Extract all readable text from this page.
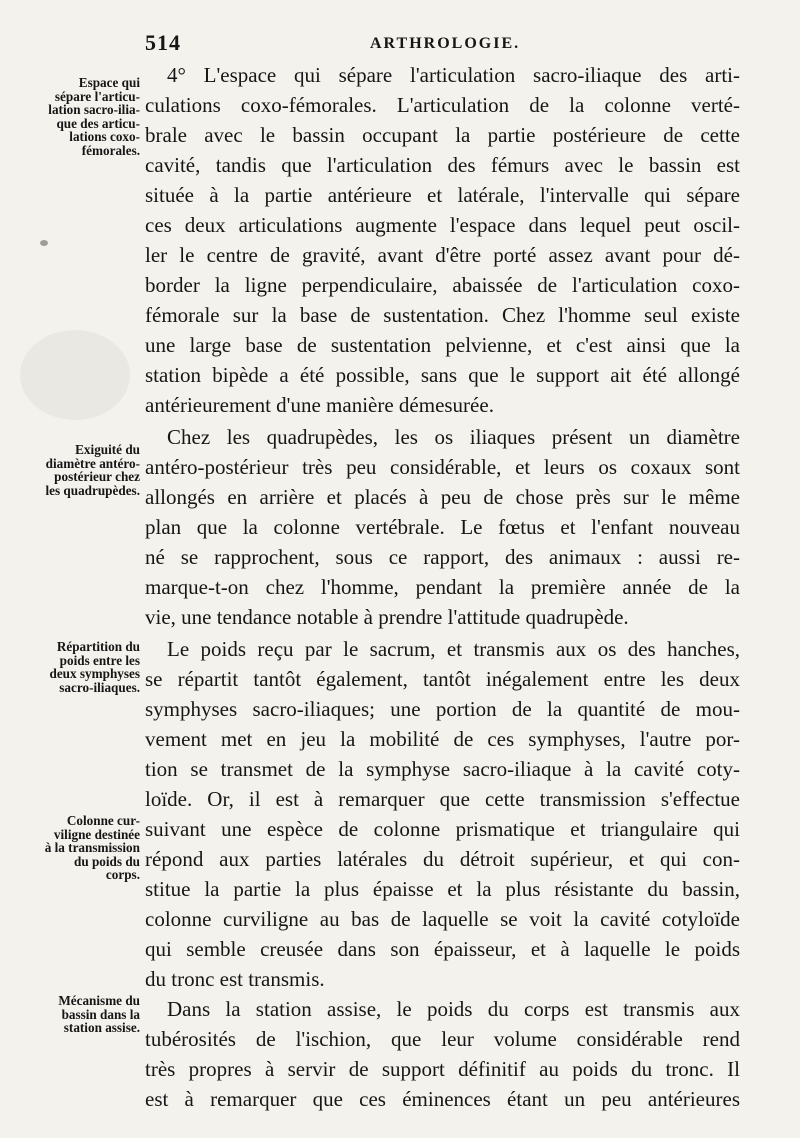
514	ARTHROLOGIE.
Espace qui
sépare l'articu-
lation sacro-ilia-
que des articu-
lations coxo-
fémorales.
Exiguité du
diamètre antéro-
postérieur chez
les quadrupèdes.
Répartition du
poids entre les
deux symphyses
sacro-iliaques.
Colonne cur-
viligne destinée
à la transmission
du poids du
corps.
Mécanisme du
bassin dans la
station assise.
4° L'espace qui sépare l'articulation sacro-iliaque des arti-
culations coxo-fémorales. L'articulation de la colonne verté-
brale avec le bassin occupant la partie postérieure de cette
cavité, tandis que l'articulation des fémurs avec le bassin est
située à la partie antérieure et latérale, l'intervalle qui sépare
ces deux articulations augmente l'espace dans lequel peut oscil-
ler le centre de gravité, avant d'être porté assez avant pour dé-
border la ligne perpendiculaire, abaissée de l'articulation coxo-
fémorale sur la base de sustentation. Chez l'homme seul existe
une large base de sustentation pelvienne, et c'est ainsi que la
station bipède a été possible, sans que le support ait été allongé
antérieurement d'une manière démesurée.
Chez les quadrupèdes, les os iliaques présent un diamètre
antéro-postérieur très peu considérable, et leurs os coxaux sont
allongés en arrière et placés à peu de chose près sur le même
plan que la colonne vertébrale. Le fœtus et l'enfant nouveau
né se rapprochent, sous ce rapport, des animaux : aussi re-
marque-t-on chez l'homme, pendant la première année de la
vie, une tendance notable à prendre l'attitude quadrupède.
Le poids reçu par le sacrum, et transmis aux os des hanches,
se répartit tantôt également, tantôt inégalement entre les deux
symphyses sacro-iliaques; une portion de la quantité de mou-
vement met en jeu la mobilité de ces symphyses, l'autre por-
tion se transmet de la symphyse sacro-iliaque à la cavité coty-
loïde. Or, il est à remarquer que cette transmission s'effectue
suivant une espèce de colonne prismatique et triangulaire qui
répond aux parties latérales du détroit supérieur, et qui con-
stitue la partie la plus épaisse et la plus résistante du bassin,
colonne curviligne au bas de laquelle se voit la cavité cotyloïde
qui semble creusée dans son épaisseur, et à laquelle le poids
du tronc est transmis.
Dans la station assise, le poids du corps est transmis aux
tubérosités de l'ischion, que leur volume considérable rend
très propres à servir de support définitif au poids du tronc. Il
est à remarquer que ces éminences étant un peu antérieures
